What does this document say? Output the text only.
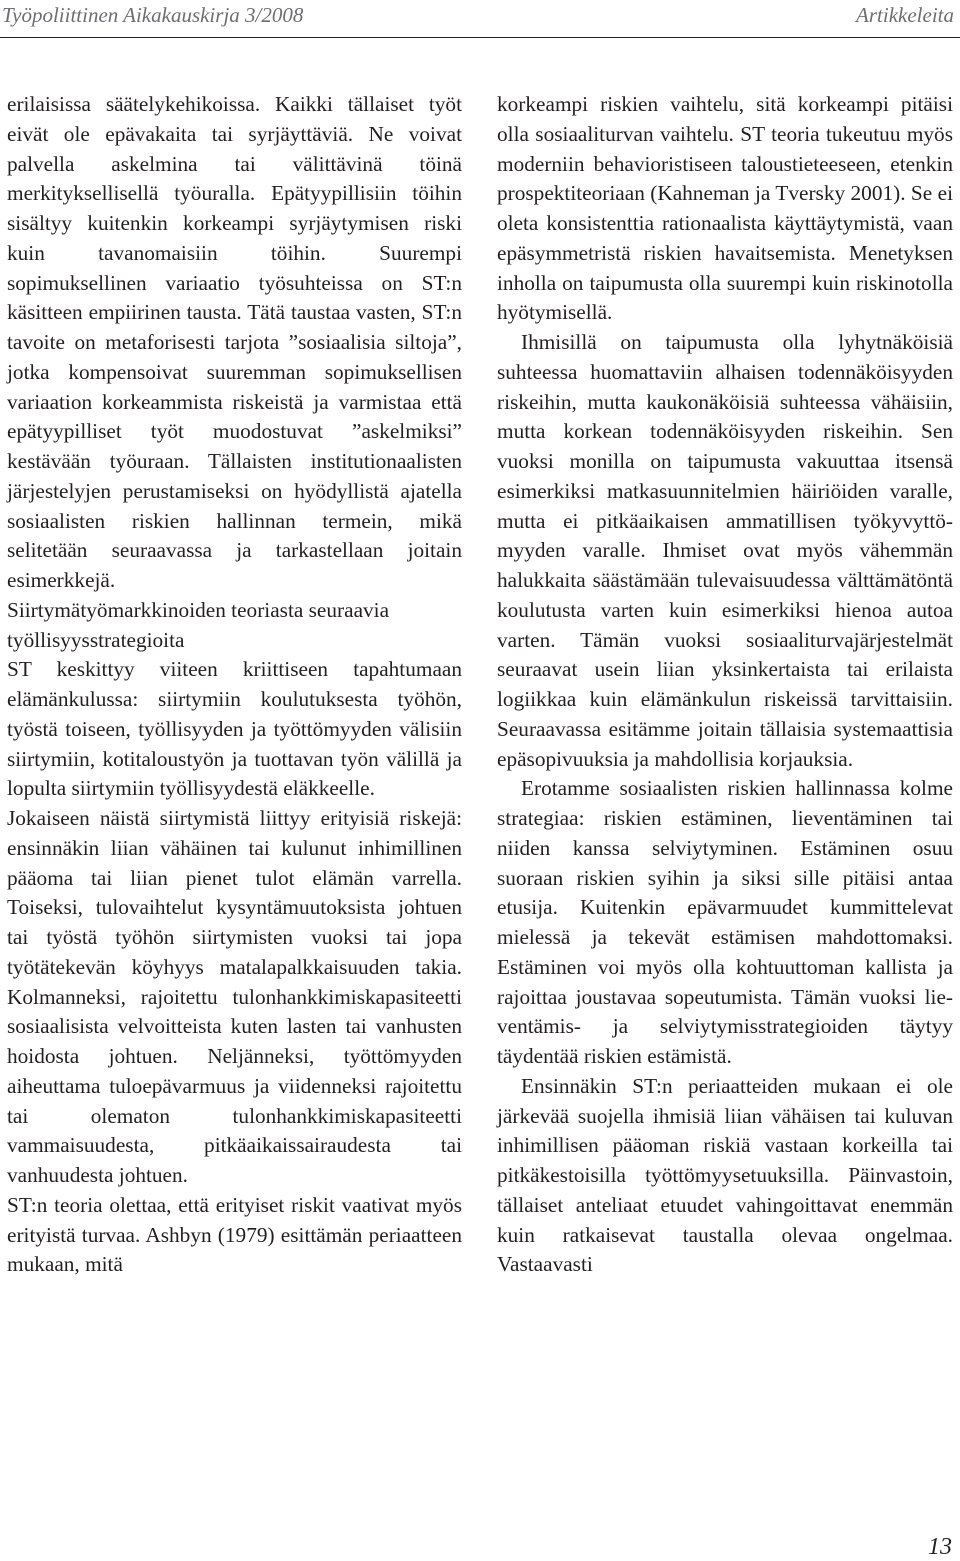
Työpoliittinen Aikakauskirja 3/2008	Artikkeleita

erilaisissa säätelykehikoissa. Kaikki tällaiset työt eivät ole epävakaita tai syrjäyttäviä. Ne voivat palvella askelmina tai välittävinä töinä merkityksellisellä työuralla. Epätyypillisiin töihin sisältyy kuitenkin korkeampi syrjäytymisen riski kuin tavanomaisiin töihin. Suurempi sopimuksellinen variaatio työsuhteissa on ST:n käsitteen empiirinen tausta. Tätä taustaa vasten, ST:n tavoite on metaforisesti tarjota ”sosiaalisia siltoja”, jotka kompensoivat suuremman sopimuksellisen variaation korkeammista riskeistä ja varmistaa että epätyypilliset työt muodostuvat ”askelmiksi” kestävään työuraan. Tällaisten institutionaalisten järjestelyjen perustamiseksi on hyödyllistä ajatella sosiaalisten riskien hallinnan termein, mikä selitetään seuraavassa ja tarkastellaan joitain esimerkkejä.

Siirtymätyömarkkinoiden teoriasta seuraavia työllisyysstrategioita

ST keskittyy viiteen kriittiseen tapahtumaan elämänkulussa: siirtymiin koulutuksesta työhön, työstä toiseen, työllisyyden ja työttömyyden välisiin siirtymiin, kotitaloustyön ja tuottavan työn välillä ja lopulta siirtymiin työllisyydestä eläkkeelle.

Jokaiseen näistä siirtymistä liittyy erityisiä riskejä: ensinnäkin liian vähäinen tai kulunut inhimillinen pääoma tai liian pienet tulot elämän varrella. Toiseksi, tulovaihtelut kysyntämuutoksista johtuen tai työstä työhön siirtymisten vuoksi tai jopa työtätekevän köyhyys matalapalkkaisuuden takia. Kolmanneksi, rajoitettu tulonhankkimiskapasiteetti sosiaalisista velvoitteista kuten lasten tai vanhusten hoidosta johtuen. Neljänneksi, työttömyyden aiheuttama tuloepävarmuus ja viidenneksi rajoitettu tai olematon tulonhankkimiskapasiteetti vammaisuudesta, pitkäaikaissairaudesta tai vanhuudesta johtuen.

ST:n teoria olettaa, että erityiset riskit vaativat myös erityistä turvaa. Ashbyn (1979) esittämän periaatteen mukaan, mitä

korkeampi riskien vaihtelu, sitä korkeampi pitäisi olla sosiaaliturvan vaihtelu. ST teoria tukeutuu myös moderniin behavioristiseen taloustieteeseen, etenkin prospektiteoriaan (Kahneman ja Tversky 2001). Se ei oleta konsistenttia rationaalista käyttäytymistä, vaan epäsymmetristä riskien havaitsemista. Menetyksen inholla on taipumusta olla suurempi kuin riskinotolla hyötymisellä.

Ihmisillä on taipumusta olla lyhytnäköisiä suhteessa huomattaviin alhaisen todennäköisyyden riskeihin, mutta kaukonäköisiä suhteessa vähäisiin, mutta korkean todennäköisyyden riskeihin. Sen vuoksi monilla on taipumusta vakuuttaa itsensä esimerkiksi matkasuunnitelmien häiriöiden varalle, mutta ei pitkäaikaisen ammatillisen työkyvyttömyyden varalle. Ihmiset ovat myös vähemmän halukkaita säästämään tulevaisuudessa välttämätöntä koulutusta varten kuin esimerkiksi hienoa autoa varten. Tämän vuoksi sosiaaliturvajärjestelmät seuraavat usein liian yksinkertaista tai erilaista logiikkaa kuin elämänkulun riskeissä tarvittaisiin. Seuraavassa esitämme joitain tällaisia systemaattisia epäsopivuuksia ja mahdollisia korjauksia.

Erotamme sosiaalisten riskien hallinnassa kolme strategiaa: riskien estäminen, lieventäminen tai niiden kanssa selviytyminen. Estäminen osuu suoraan riskien syihin ja siksi sille pitäisi antaa etusija. Kuitenkin epävarmuudet kummittelevat mielessä ja tekevät estämisen mahdottomaksi. Estäminen voi myös olla kohtuuttoman kallista ja rajoittaa joustavaa sopeutumista. Tämän vuoksi lieventämis- ja selviytymisstrategioiden täytyy täydentää riskien estämistä.

Ensinnäkin ST:n periaatteiden mukaan ei ole järkevää suojella ihmisiä liian vähäisen tai kuluvan inhimillisen pääoman riskiä vastaan korkeilla tai pitkäkestoisilla työttömyysetuuksilla. Päinvastoin, tällaiset anteliaat etuudet vahingoittavat enemmän kuin ratkaisevat taustalla olevaa ongelmaa. Vastaavasti

13
